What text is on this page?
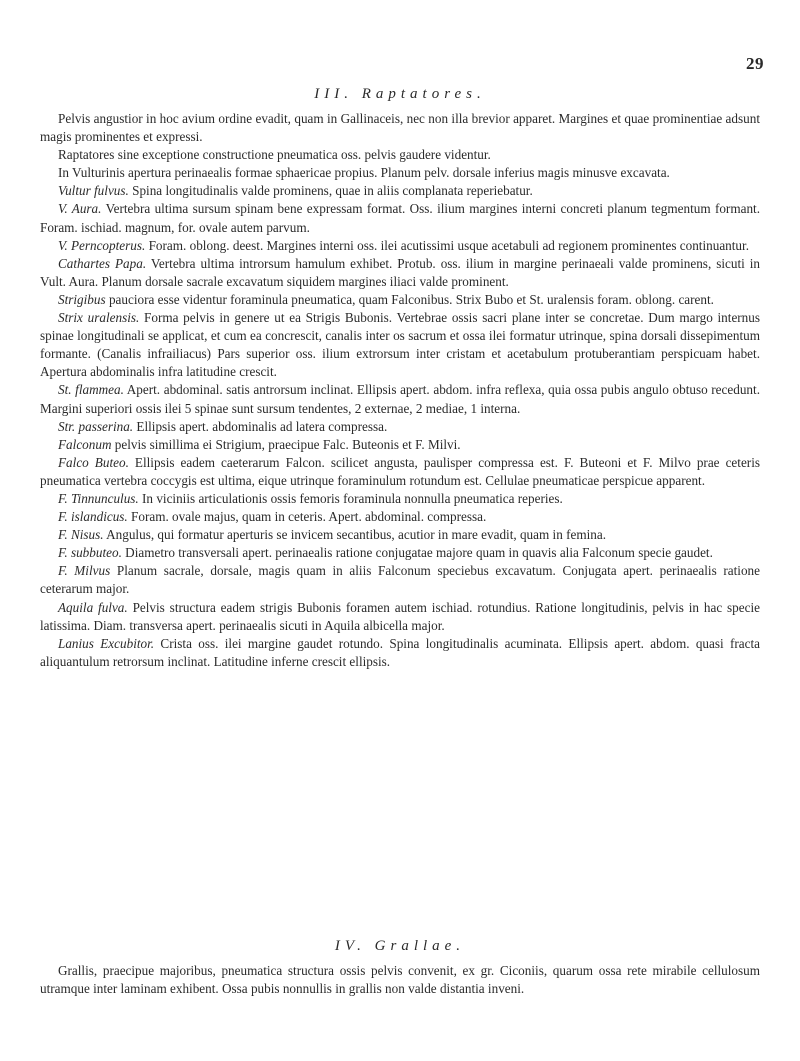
29
III. Raptatores.

Pelvis angustior in hoc avium ordine evadit, quam in Gallinaceis, nec non illa brevior apparet. Margines et quae prominentiae adsunt magis prominentes et expressi.

Raptatores sine exceptione constructione pneumatica oss. pelvis gaudere videntur.

In Vulturinis apertura perinaealis formae sphaericae propius. Planum pelv. dorsale inferius magis minusve excavata.

Vultur fulvus. Spina longitudinalis valde prominens, quae in aliis complanata reperiebatur.

V. Aura. Vertebra ultima sursum spinam bene expressam format. Oss. ilium margines interni concreti planum tegmentum formant. Foram. ischiad. magnum, for. ovale autem parvum.

V. Perncopterus. Foram. oblong. deest. Margines interni oss. ilei acutissimi usque acetabuli ad regionem prominentes continuantur.

Cathartes Papa. Vertebra ultima introrsum hamulum exhibet. Protub. oss. ilium in margine perinaeali valde prominens, sicuti in Vult. Aura. Planum dorsale sacrale excavatum siquidem margines iliaci valde prominent.

Strigibus pauciora esse videntur foraminula pneumatica, quam Falconibus. Strix Bubo et St. uralensis foram. oblong. carent.

Strix uralensis. Forma pelvis in genere ut ea Strigis Bubonis. Vertebrae ossis sacri plane inter se concretae. Dum margo internus spinae longitudinali se applicat, et cum ea concrescit, canalis inter os sacrum et ossa ilei formatur utrinque, spina dorsali dissepimentum formante. (Canalis infrailiacus) Pars superior oss. ilium extrorsum inter cristam et acetabulum protuberantiam perspicuam habet. Apertura abdominalis infra latitudine crescit.

St. flammea. Apert. abdominal. satis antrorsum inclinat. Ellipsis apert. abdom. infra reflexa, quia ossa pubis angulo obtuso recedunt. Margini superiori ossis ilei 5 spinae sunt sursum tendentes, 2 externae, 2 mediae, 1 interna.

Str. passerina. Ellipsis apert. abdominalis ad latera compressa.

Falconum pelvis simillima ei Strigium, praecipue Falc. Buteonis et F. Milvi.

Falco Buteo. Ellipsis eadem caeterarum Falcon. scilicet angusta, paulisper compressa est. F. Buteoni et F. Milvo prae ceteris pneumatica vertebra coccygis est ultima, eique utrinque foraminulum rotundum est. Cellulae pneumaticae perspicue apparent.

F. Tinnunculus. In viciniis articulationis ossis femoris foraminula nonnulla pneumatica reperies.

F. islandicus. Foram. ovale majus, quam in ceteris. Apert. abdominal. compressa.

F. Nisus. Angulus, qui formatur aperturis se invicem secantibus, acutior in mare evadit, quam in femina.

F. subbuteo. Diametro transversali apert. perinaealis ratione conjugatae majore quam in quavis alia Falconum specie gaudet.

F. Milvus Planum sacrale, dorsale, magis quam in aliis Falconum speciebus excavatum. Conjugata apert. perinaealis ratione ceterarum major.

Aquila fulva. Pelvis structura eadem strigis Bubonis foramen autem ischiad. rotundius. Ratione longitudinis, pelvis in hac specie latissima. Diam. transversa apert. perinaealis sicuti in Aquila albicella major.

Lanius Excubitor. Crista oss. ilei margine gaudet rotundo. Spina longitudinalis acuminata. Ellipsis apert. abdom. quasi fracta aliquantulum retrorsum inclinat. Latitudine inferne crescit ellipsis.

IV. Grallae.

Grallis, praecipue majoribus, pneumatica structura ossis pelvis convenit, ex gr. Ciconiis, quarum ossa rete mirabile cellulosum utramque inter laminam exhibent. Ossa pubis nonnullis in grallis non valde distantia inveni.
